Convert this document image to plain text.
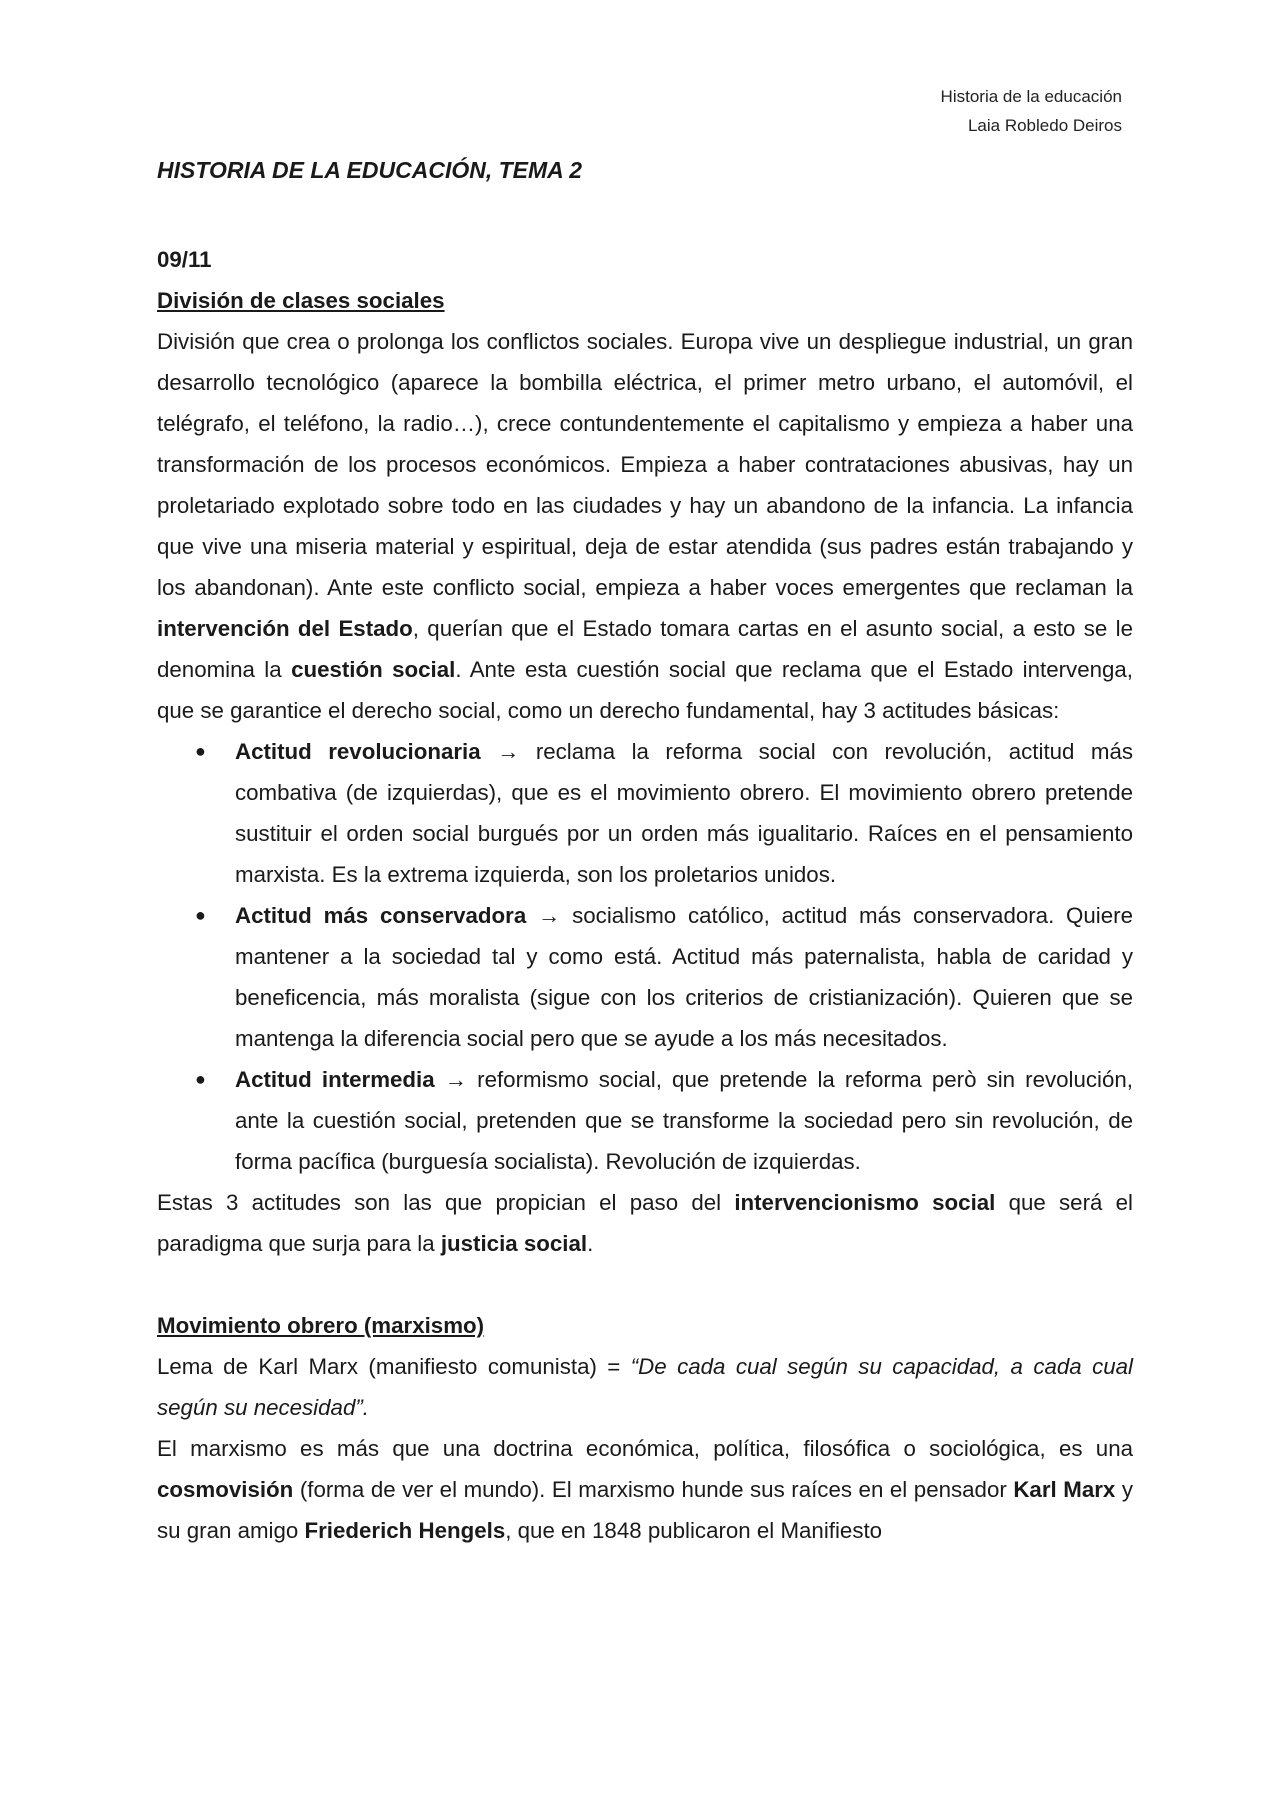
Historia de la educación
Laia Robledo Deiros
HISTORIA DE LA EDUCACIÓN, TEMA 2
09/11
División de clases sociales

División que crea o prolonga los conflictos sociales. Europa vive un despliegue industrial, un gran desarrollo tecnológico (aparece la bombilla eléctrica, el primer metro urbano, el automóvil, el telégrafo, el teléfono, la radio…), crece contundentemente el capitalismo y empieza a haber una transformación de los procesos económicos. Empieza a haber contrataciones abusivas, hay un proletariado explotado sobre todo en las ciudades y hay un abandono de la infancia. La infancia que vive una miseria material y espiritual, deja de estar atendida (sus padres están trabajando y los abandonan). Ante este conflicto social, empieza a haber voces emergentes que reclaman la intervención del Estado, querían que el Estado tomara cartas en el asunto social, a esto se le denomina la cuestión social. Ante esta cuestión social que reclama que el Estado intervenga, que se garantice el derecho social, como un derecho fundamental, hay 3 actitudes básicas:

● Actitud revolucionaria → reclama la reforma social con revolución, actitud más combativa (de izquierdas), que es el movimiento obrero. El movimiento obrero pretende sustituir el orden social burgués por un orden más igualitario. Raíces en el pensamiento marxista. Es la extrema izquierda, son los proletarios unidos.
● Actitud más conservadora → socialismo católico, actitud más conservadora. Quiere mantener a la sociedad tal y como está. Actitud más paternalista, habla de caridad y beneficencia, más moralista (sigue con los criterios de cristianización). Quieren que se mantenga la diferencia social pero que se ayude a los más necesitados.
● Actitud intermedia → reformismo social, que pretende la reforma però sin revolución, ante la cuestión social, pretenden que se transforme la sociedad pero sin revolución, de forma pacífica (burguesía socialista). Revolución de izquierdas.

Estas 3 actitudes son las que propician el paso del intervencionismo social que será el paradigma que surja para la justicia social.

Movimiento obrero (marxismo)

Lema de Karl Marx (manifiesto comunista) = “De cada cual según su capacidad, a cada cual según su necesidad”.

El marxismo es más que una doctrina económica, política, filosófica o sociológica, es una cosmovisión (forma de ver el mundo). El marxismo hunde sus raíces en el pensador Karl Marx y su gran amigo Friederich Hengels, que en 1848 publicaron el Manifiesto
